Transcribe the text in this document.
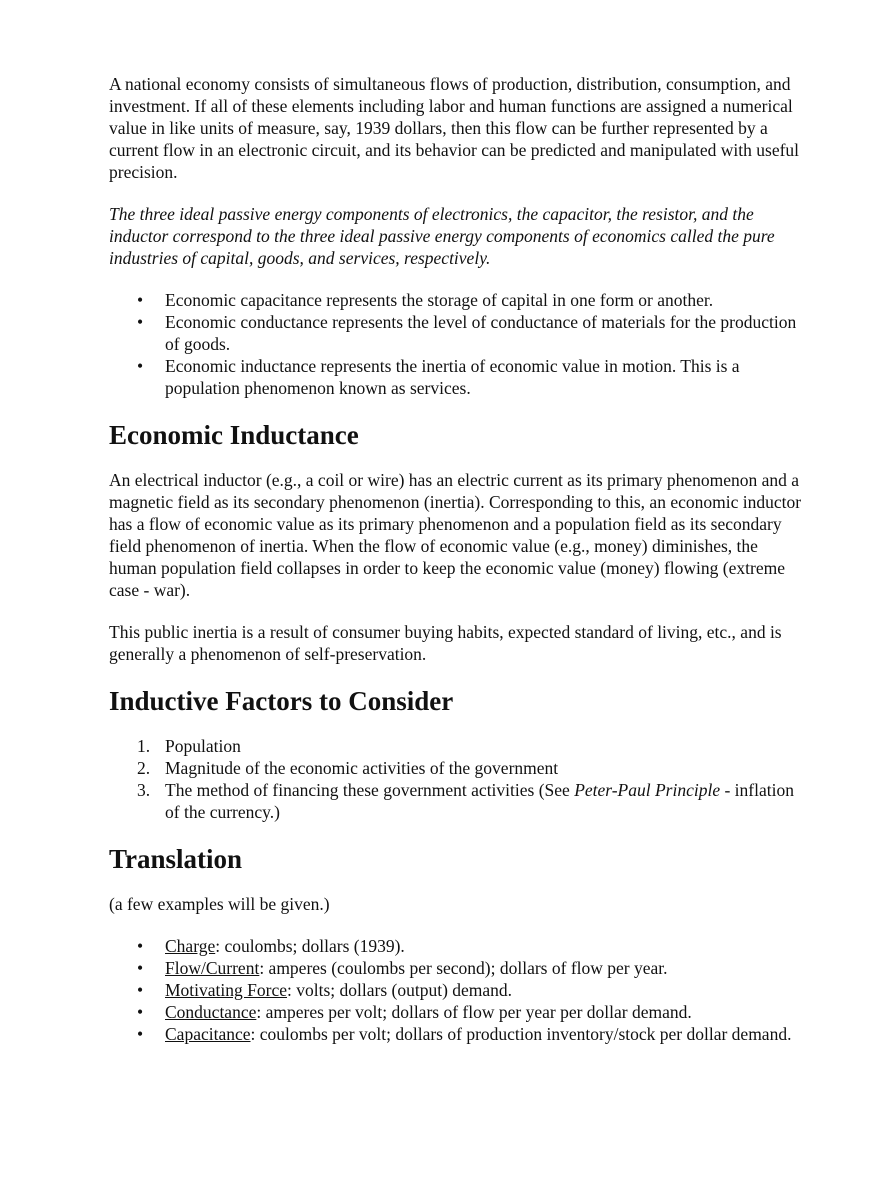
A national economy consists of simultaneous flows of production, distribution, consumption, and investment. If all of these elements including labor and human functions are assigned a numerical value in like units of measure, say, 1939 dollars, then this flow can be further represented by a current flow in an electronic circuit, and its behavior can be predicted and manipulated with useful precision.

The three ideal passive energy components of electronics, the capacitor, the resistor, and the inductor correspond to the three ideal passive energy components of economics called the pure industries of capital, goods, and services, respectively.

• Economic capacitance represents the storage of capital in one form or another.
• Economic conductance represents the level of conductance of materials for the production of goods.
• Economic inductance represents the inertia of economic value in motion. This is a population phenomenon known as services.
Economic Inductance

An electrical inductor (e.g., a coil or wire) has an electric current as its primary phenomenon and a magnetic field as its secondary phenomenon (inertia). Corresponding to this, an economic inductor has a flow of economic value as its primary phenomenon and a population field as its secondary field phenomenon of inertia. When the flow of economic value (e.g., money) diminishes, the human population field collapses in order to keep the economic value (money) flowing (extreme case - war).

This public inertia is a result of consumer buying habits, expected standard of living, etc., and is generally a phenomenon of self-preservation.

Inductive Factors to Consider
1. Population
2. Magnitude of the economic activities of the government
3. The method of financing these government activities (See Peter-Paul Principle - inflation of the currency.)
Translation

(a few examples will be given.)

• Charge: coulombs; dollars (1939).
• Flow/Current: amperes (coulombs per second); dollars of flow per year.
• Motivating Force: volts; dollars (output) demand.
• Conductance: amperes per volt; dollars of flow per year per dollar demand.
• Capacitance: coulombs per volt; dollars of production inventory/stock per dollar demand.
